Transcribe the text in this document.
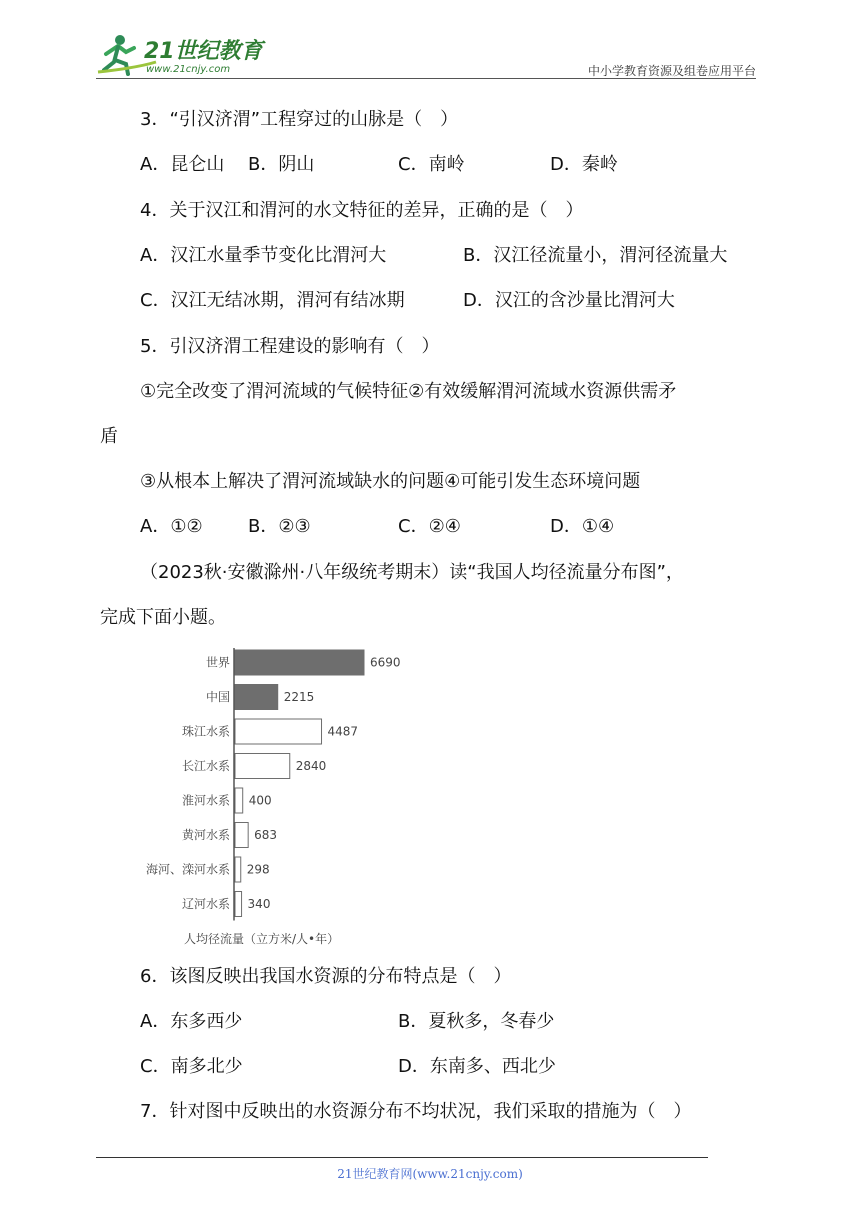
21世纪教育
www.21cnjy.com	中小学教育资源及组卷应用平台
3．“引汉济渭”工程穿过的山脉是（　）
A．昆仑山 B．阴山	C．南岭	D．秦岭
4．关于汉江和渭河的水文特征的差异，正确的是（　）
A．汉江水量季节变化比渭河大	B．汉江径流量小，渭河径流量大
C．汉江无结冰期，渭河有结冰期	D．汉江的含沙量比渭河大
5．引汉济渭工程建设的影响有（　）
①完全改变了渭河流域的气候特征②有效缓解渭河流域水资源供需矛
盾
③从根本上解决了渭河流域缺水的问题④可能引发生态环境问题
A．①②	B．②③	C．②④	D．①④
（2023秋·安徽滁州·八年级统考期末）读“我国人均径流量分布图”，
完成下面小题。
世界	6690
中国	2215
珠江水系	4487
长江水系	2840
淮河水系 400
黄河水系 683
海河、滦河水系 298
辽河水系 340
人均径流量（立方米/人•年）
6．该图反映出我国水资源的分布特点是（　）
A．东多西少	B．夏秋多，冬春少
C．南多北少	D．东南多、西北少
7．针对图中反映出的水资源分布不均状况，我们采取的措施为（　）
21世纪教育网(www.21cnjy.com)
